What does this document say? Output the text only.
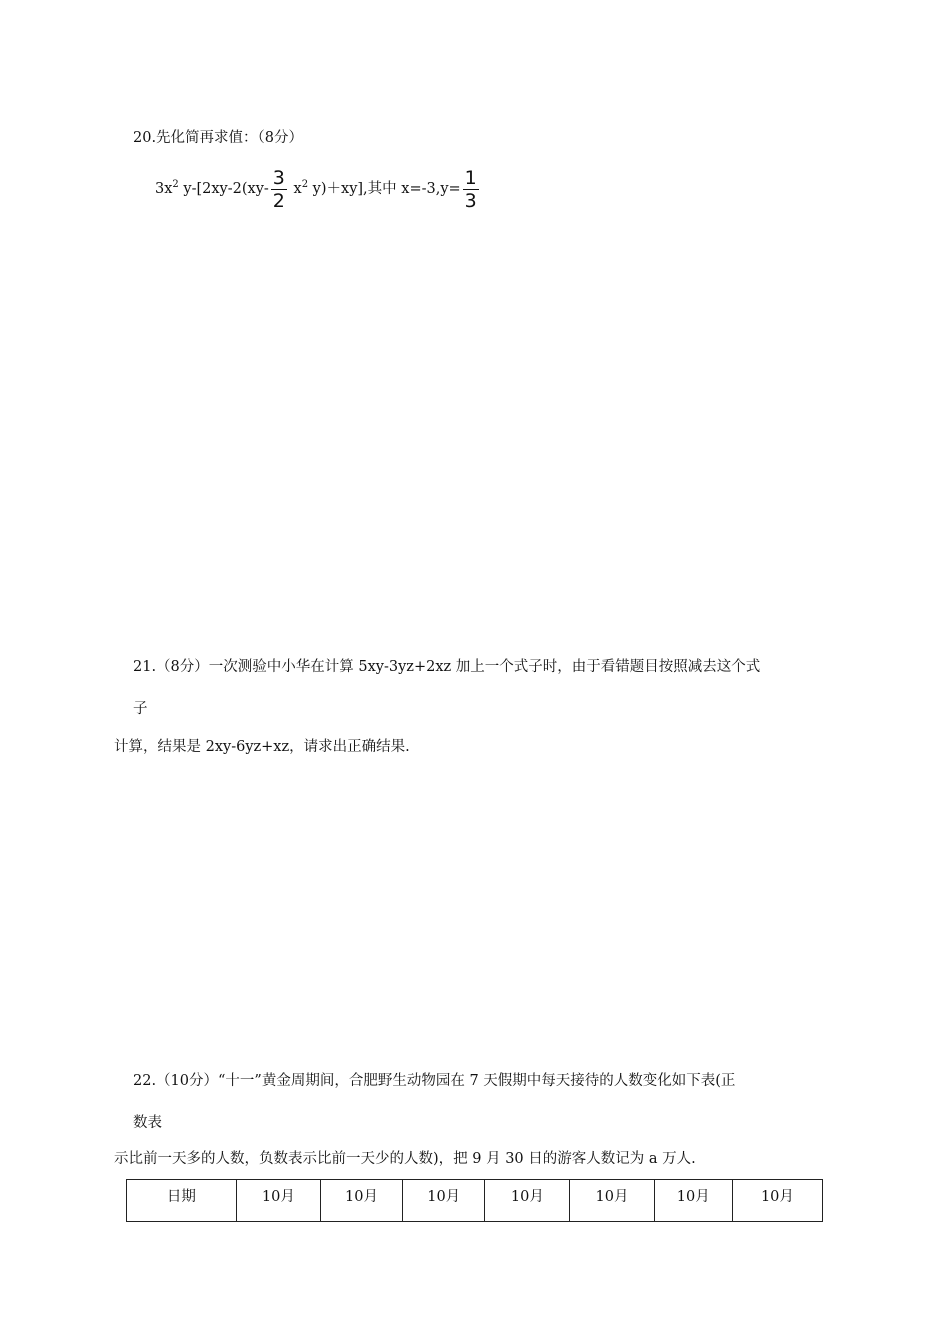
20.先化简再求值：（8分）
$3x^2$ $y-[2xy-2(xy- \frac{3}{2} x^2$ y)＋xy],其中 $x=-3,y= \frac{1}{3}$
21.（8分）一次测验中小华在计算 5xy-3yz+2xz 加上一个式子时，由于看错题目按照减去这个式
子
计算，结果是 2xy-6yz+xz，请求出正确结果.
22.（10分）“十一”黄金周期间，合肥野生动物园在 7 天假期中每天接待的人数变化如下表(正
数表
示比前一天多的人数，负数表示比前一天少的人数)，把 9 月 30 日的游客人数记为 a 万人.
日期	10月	10月	10月	10月	10月	10月	10月
